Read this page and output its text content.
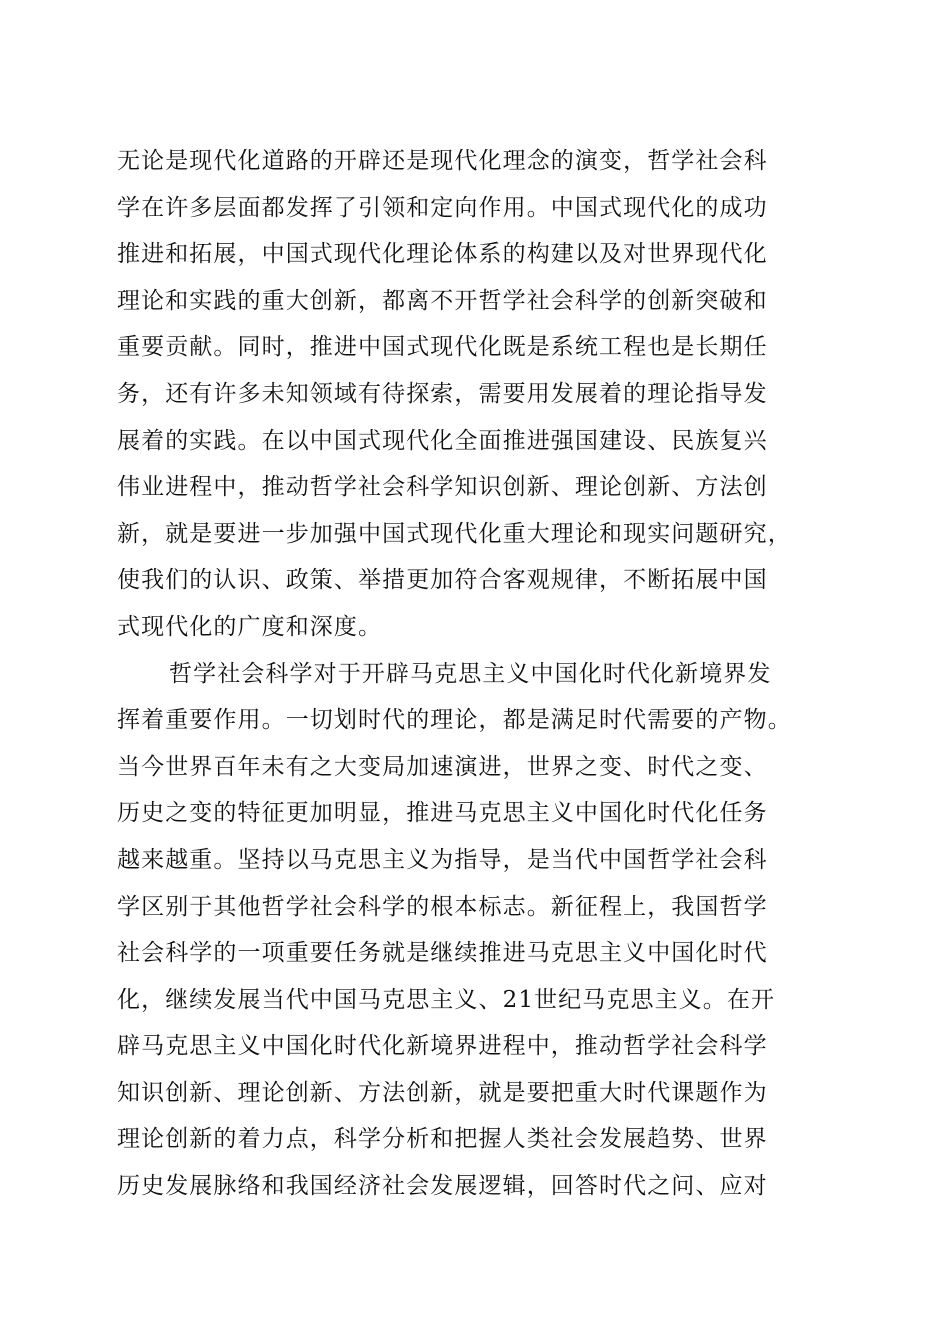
无论是现代化道路的开辟还是现代化理念的演变，哲学社会科
学在许多层面都发挥了引领和定向作用。中国式现代化的成功
推进和拓展，中国式现代化理论体系的构建以及对世界现代化
理论和实践的重大创新，都离不开哲学社会科学的创新突破和
重要贡献。同时，推进中国式现代化既是系统工程也是长期任
务，还有许多未知领域有待探索，需要用发展着的理论指导发
展着的实践。在以中国式现代化全面推进强国建设、民族复兴
伟业进程中，推动哲学社会科学知识创新、理论创新、方法创
新，就是要进一步加强中国式现代化重大理论和现实问题研究，
使我们的认识、政策、举措更加符合客观规律，不断拓展中国
式现代化的广度和深度。
哲学社会科学对于开辟马克思主义中国化时代化新境界发
挥着重要作用。一切划时代的理论，都是满足时代需要的产物。
当今世界百年未有之大变局加速演进，世界之变、时代之变、
历史之变的特征更加明显，推进马克思主义中国化时代化任务
越来越重。坚持以马克思主义为指导，是当代中国哲学社会科
学区别于其他哲学社会科学的根本标志。新征程上，我国哲学
社会科学的一项重要任务就是继续推进马克思主义中国化时代
化，继续发展当代中国马克思主义、21世纪马克思主义。在开
辟马克思主义中国化时代化新境界进程中，推动哲学社会科学
知识创新、理论创新、方法创新，就是要把重大时代课题作为
理论创新的着力点，科学分析和把握人类社会发展趋势、世界
历史发展脉络和我国经济社会发展逻辑，回答时代之问、应对
